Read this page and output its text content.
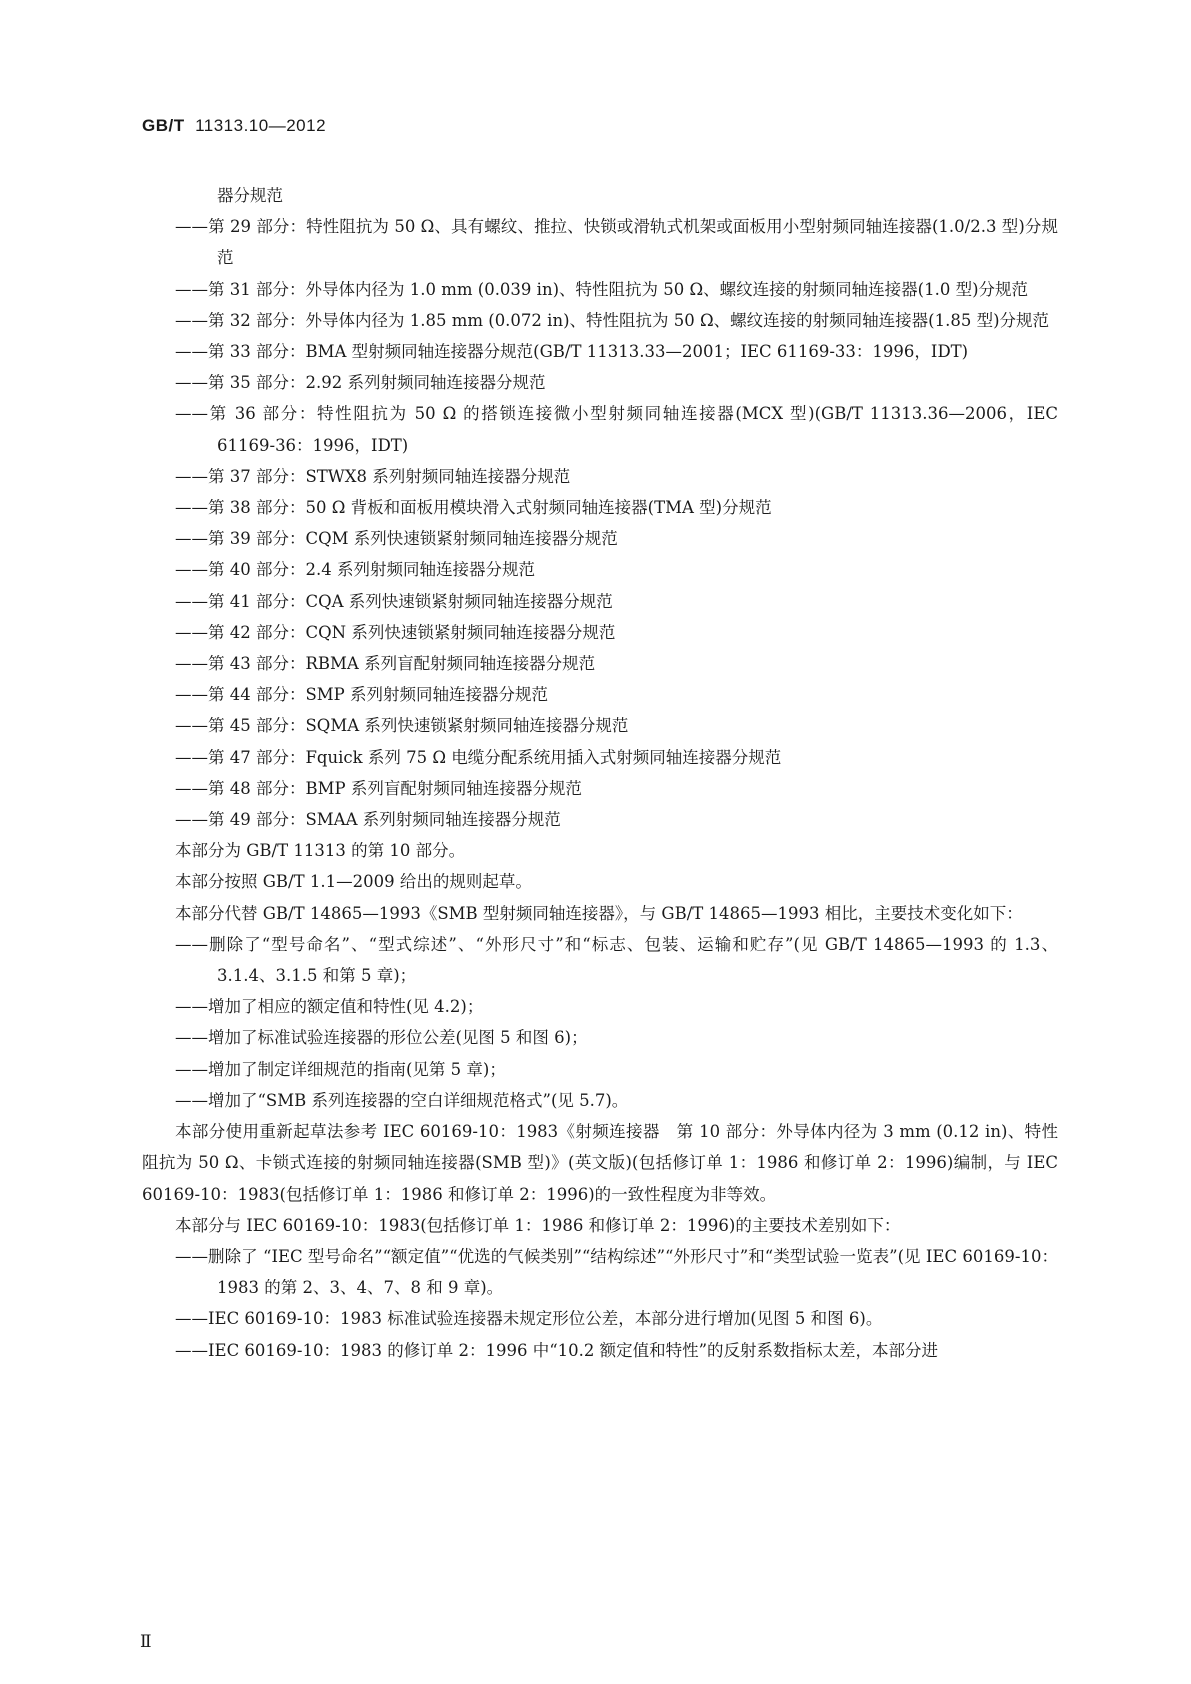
GB/T 11313.10—2012

器分规范

——第 29 部分：特性阻抗为 50 Ω、具有螺纹、推拉、快锁或滑轨式机架或面板用小型射频同轴连接器(1.0/2.3 型)分规范

——第 31 部分：外导体内径为 1.0 mm (0.039 in)、特性阻抗为 50 Ω、螺纹连接的射频同轴连接器(1.0 型)分规范

——第 32 部分：外导体内径为 1.85 mm (0.072 in)、特性阻抗为 50 Ω、螺纹连接的射频同轴连接器(1.85 型)分规范

——第 33 部分：BMA 型射频同轴连接器分规范(GB/T 11313.33—2001；IEC 61169-33：1996，IDT)

——第 35 部分：2.92 系列射频同轴连接器分规范

——第 36 部分：特性阻抗为 50 Ω 的搭锁连接微小型射频同轴连接器(MCX 型)(GB/T 11313.36—2006，IEC 61169-36：1996，IDT)

——第 37 部分：STWX8 系列射频同轴连接器分规范

——第 38 部分：50 Ω 背板和面板用模块滑入式射频同轴连接器(TMA 型)分规范

——第 39 部分：CQM 系列快速锁紧射频同轴连接器分规范

——第 40 部分：2.4 系列射频同轴连接器分规范

——第 41 部分：CQA 系列快速锁紧射频同轴连接器分规范

——第 42 部分：CQN 系列快速锁紧射频同轴连接器分规范

——第 43 部分：RBMA 系列盲配射频同轴连接器分规范

——第 44 部分：SMP 系列射频同轴连接器分规范

——第 45 部分：SQMA 系列快速锁紧射频同轴连接器分规范

——第 47 部分：Fquick 系列 75 Ω 电缆分配系统用插入式射频同轴连接器分规范

——第 48 部分：BMP 系列盲配射频同轴连接器分规范

——第 49 部分：SMAA 系列射频同轴连接器分规范

本部分为 GB/T 11313 的第 10 部分。

本部分按照 GB/T 1.1—2009 给出的规则起草。

本部分代替 GB/T 14865—1993《SMB 型射频同轴连接器》，与 GB/T 14865—1993 相比，主要技术变化如下：

——删除了“型号命名”、“型式综述”、“外形尺寸”和“标志、包装、运输和贮存”(见 GB/T 14865—1993 的 1.3、3.1.4、3.1.5 和第 5 章)；

——增加了相应的额定值和特性(见 4.2)；

——增加了标准试验连接器的形位公差(见图 5 和图 6)；

——增加了制定详细规范的指南(见第 5 章)；

——增加了“SMB 系列连接器的空白详细规范格式”(见 5.7)。

本部分使用重新起草法参考 IEC 60169-10：1983《射频连接器　第 10 部分：外导体内径为 3 mm (0.12 in)、特性阻抗为 50 Ω、卡锁式连接的射频同轴连接器(SMB 型)》(英文版)(包括修订单 1：1986 和修订单 2：1996)编制，与 IEC 60169-10：1983(包括修订单 1：1986 和修订单 2：1996)的一致性程度为非等效。

本部分与 IEC 60169-10：1983(包括修订单 1：1986 和修订单 2：1996)的主要技术差别如下：

——删除了 “IEC 型号命名”“额定值”“优选的气候类别”“结构综述”“外形尺寸”和“类型试验一览表”(见 IEC 60169-10：1983 的第 2、3、4、7、8 和 9 章)。

——IEC 60169-10：1983 标准试验连接器未规定形位公差，本部分进行增加(见图 5 和图 6)。

——IEC 60169-10：1983 的修订单 2：1996 中“10.2 额定值和特性”的反射系数指标太差，本部分进

Ⅱ
